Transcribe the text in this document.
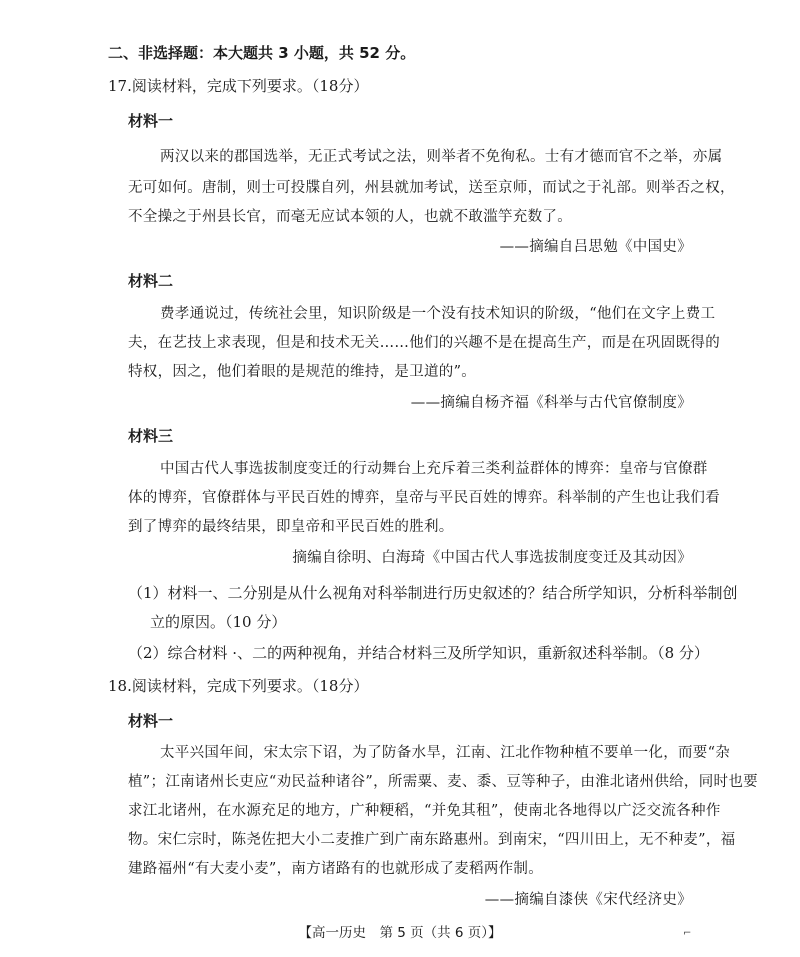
二、非选择题：本大题共 3 小题，共 52 分。
17.阅读材料，完成下列要求。（18分）
材料一
两汉以来的郡国选举，无正式考试之法，则举者不免徇私。士有才德而官不之举，亦属
无可如何。唐制，则士可投牒自列，州县就加考试，送至京师，而试之于礼部。则举否之权，
不全操之于州县长官，而毫无应试本领的人，也就不敢滥竽充数了。
——摘编自吕思勉《中国史》
材料二
费孝通说过，传统社会里，知识阶级是一个没有技术知识的阶级，“他们在文字上费工
夫，在艺技上求表现，但是和技术无关……他们的兴趣不是在提高生产，而是在巩固既得的
特权，因之，他们着眼的是规范的维持，是卫道的”。
——摘编自杨齐福《科举与古代官僚制度》
材料三
中国古代人事选拔制度变迁的行动舞台上充斥着三类利益群体的博弈：皇帝与官僚群
体的博弈，官僚群体与平民百姓的博弈，皇帝与平民百姓的博弈。科举制的产生也让我们看
到了博弈的最终结果，即皇帝和平民百姓的胜利。
摘编自徐明、白海琦《中国古代人事选拔制度变迁及其动因》
（1）材料一、二分别是从什么视角对科举制进行历史叙述的？结合所学知识，分析科举制创
立的原因。（10 分）
（2）综合材料 ·、二的两种视角，并结合材料三及所学知识，重新叙述科举制。（8 分）
18.阅读材料，完成下列要求。（18分）
材料一
太平兴国年间，宋太宗下诏，为了防备水旱，江南、江北作物种植不要单一化，而要“杂
植”；江南诸州长吏应“劝民益种诸谷”，所需粟、麦、黍、豆等种子，由淮北诸州供给，同时也要
求江北诸州，在水源充足的地方，广种粳稻，“并免其租”，使南北各地得以广泛交流各种作
物。宋仁宗时，陈尧佐把大小二麦推广到广南东路惠州。到南宋，“四川田上，无不种麦”，福
建路福州“有大麦小麦”，南方诸路有的也就形成了麦稻两作制。
——摘编自漆侠《宋代经济史》
【高一历史　第 5 页（共 6 页）】	⌐
